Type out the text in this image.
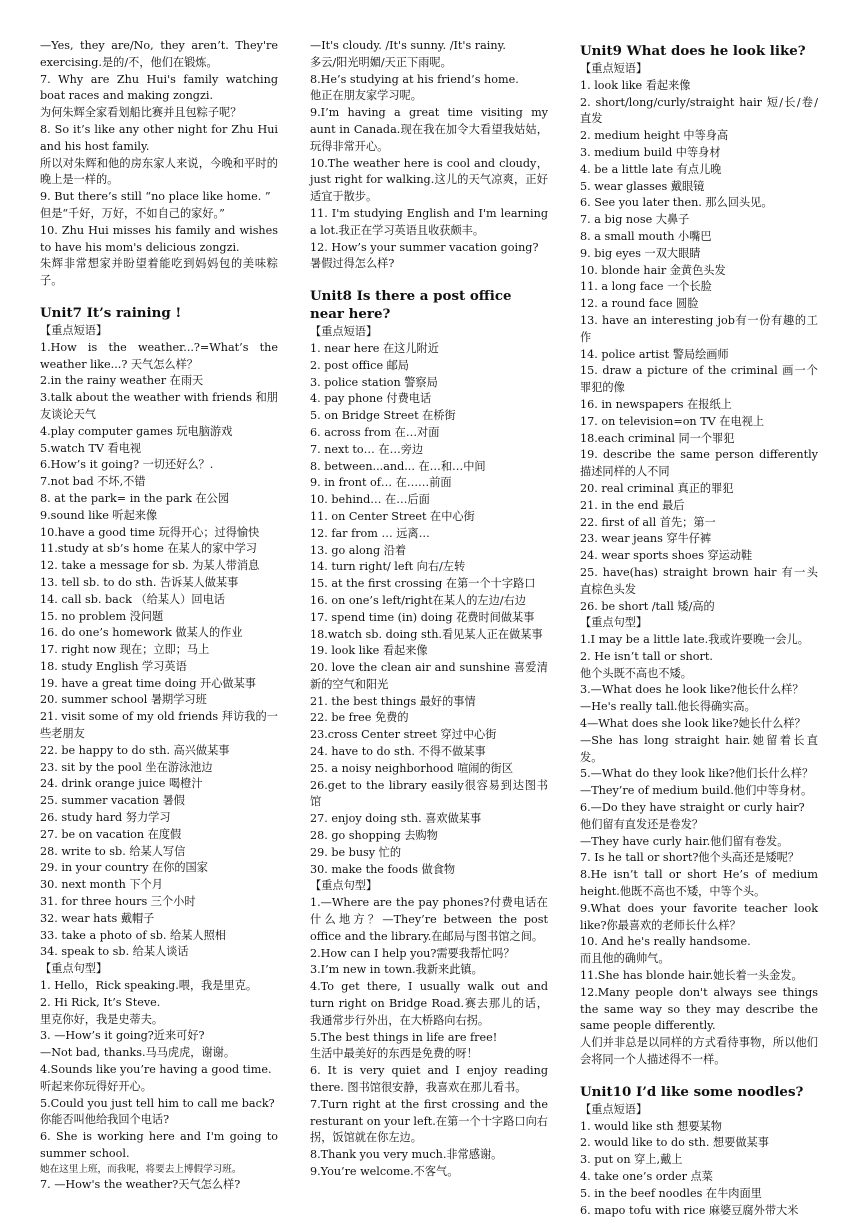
—Yes, they are/No, they aren’t. They're exercising.是的/不，他们在锻炼。

7. Why are Zhu Hui's family watching boat races and making zongzi.

为何朱辉全家看划船比赛并且包粽子呢？

8. So it’s like any other night for Zhu Hui and his host family.

所以对朱辉和他的房东家人来说，今晚和平时的晚上是一样的。

9. But there’s still “no place like home. ”

但是“千好，万好，不如自己的家好。”

10. Zhu Hui misses his family and wishes to have his mom's delicious zongzi.

朱辉非常想家并盼望着能吃到妈妈包的美味粽子。

Unit7 It’s raining !

【重点短语】

1.How is the weather...?=What’s the weather like...? 天气怎么样？

2.in the rainy weather 在雨天

3.talk about the weather with friends 和朋友谈论天气

4.play computer games 玩电脑游戏

5.watch TV 看电视

6.How’s it going? 一切还好么？.

7.not bad 不坏,不错

8. at the park= in the park 在公园

9.sound like 听起来像

10.have a good time 玩得开心；过得愉快

11.study at sb’s home 在某人的家中学习

12. take a message for sb. 为某人带消息

13. tell sb. to do sth. 告诉某人做某事

14. call sb. back （给某人）回电话

15. no problem 没问题

16. do one’s homework 做某人的作业

17. right now 现在；立即；马上

18. study English 学习英语

19. have a great time doing 开心做某事

20. summer school 暑期学习班

21. visit some of my old friends 拜访我的一些老朋友

22. be happy to do sth. 高兴做某事

23. sit by the pool 坐在游泳池边

24. drink orange juice 喝橙汁

25. summer vacation 暑假

26. study hard 努力学习

27. be on vacation 在度假

28. write to sb. 给某人写信

29. in your country 在你的国家

30. next month 下个月

31. for three hours 三个小时

32. wear hats 戴帽子

33. take a photo of sb. 给某人照相

34. speak to sb. 给某人谈话

【重点句型】

1. Hello，Rick speaking.喂，我是里克。

2. Hi Rick, It’s Steve.

里克你好，我是史蒂夫。

3. —How’s it going?近来可好?

—Not bad, thanks.马马虎虎，谢谢。

4.Sounds like you’re having a good time.

听起来你玩得好开心。

5.Could you just tell him to call me back?

你能否叫他给我回个电话?

6. She is working here and I'm going to summer school.

她在这里上班，而我呢，将要去上博假学习班。

7. —How's the weather?天气怎么样?

—It's cloudy. /It's sunny. /It's rainy.

多云/阳光明媚/天正下雨呢。

8.He’s studying at his friend’s home.

他正在朋友家学习呢。

9.I’m having a great time visiting my aunt in Canada.现在我在加令大看望我姑姑，玩得非常开心。

10.The weather here is cool and cloudy，just right for walking.这儿的天气凉爽，正好适宜于散步。

11. I'm studying English and I'm learning a lot.我正在学习英语且收获颇丰。

12. How’s your summer vacation going?

暑假过得怎么样?

Unit8 Is there a post office near here?

【重点短语】

1. near here 在这儿附近

2. post office 邮局

3. police station 警察局

4. pay phone 付费电话

5. on Bridge Street 在桥街

6. across from 在…对面

7. next to… 在…旁边

8. between...and... 在…和…中间

9. in front of… 在……前面

10. behind… 在…后面

11. on Center Street 在中心街

12. far from … 远离…

13. go along 沿着

14. turn right/ left 向右/左转

15. at the first crossing 在第一个十字路口

16. on one’s left/right在某人的左边/右边

17. spend time (in) doing 花费时间做某事

18.watch sb. doing sth.看见某人正在做某事

19. look like 看起来像

20. love the clean air and sunshine 喜爱清新的空气和阳光

21. the best things 最好的事情

22. be free 免费的

23.cross Center street 穿过中心街

24. have to do sth. 不得不做某事

25. a noisy neighborhood 喧闹的街区

26.get to the library easily很容易到达图书馆

27. enjoy doing sth. 喜欢做某事

28. go shopping 去购物

29. be busy 忙的

30. make the foods 做食物

【重点句型】

1.—Where are the pay phones?付费电话在什么地方？—They’re between the post office and the library.在邮局与图书馆之间。

2.How can I help you?需要我帮忙吗？

3.I’m new in town.我新来此镇。

4.To get there, I usually walk out and turn right on Bridge Road.赛去那儿的话，我通常步行外出，在大桥路向右拐。

5.The best things in life are free!

生活中最美好的东西是免费的呀！

6. It is very quiet and I enjoy reading there. 图书馆很安静，我喜欢在那儿看书。

7.Turn right at the first crossing and the resturant on your left.在第一个十字路口向右拐，饭馆就在你左边。

8.Thank you very much.非常感谢。

9.You’re welcome.不客气。

Unit9 What does he look like?

【重点短语】

1. look like 看起来像

2. short/long/curly/straight hair 短/长/卷/直发

2. medium height 中等身高

3. medium build 中等身材

4. be a little late 有点儿晚

5. wear glasses 戴眼镜

6. See you later then. 那么回头见。

7. a big nose 大鼻子

8. a small mouth 小嘴巴

9. big eyes 一双大眼睛

10. blonde hair 金黄色头发

11. a long face 一个长脸

12. a round face 圆脸

13. have an interesting job有一份有趣的工作

14. police artist 警局绘画师

15. draw a picture of the criminal 画一个罪犯的像

16. in newspapers 在报纸上

17. on television=on TV 在电视上

18.each criminal 同一个罪犯

19. describe the same person differently 描述同样的人不同

20. real criminal 真正的罪犯

21. in the end 最后

22. first of all 首先；第一

23. wear jeans 穿牛仔裤

24. wear sports shoes 穿运动鞋

25. have(has) straight brown hair 有一头直棕色头发

26. be short /tall 矮/高的

【重点句型】

1.I may be a little late.我或许要晚一会儿。

2. He isn’t tall or short.

他个头既不高也不矮。

3.—What does he look like?他长什么样？

—He's really tall.他长得确实高。

4—What does she look like?她长什么样？

—She has long straight hair.她留着长直发。

5.—What do they look like?他们长什么样？

—They’re of medium build.他们中等身材。

6.—Do they have straight or curly hair?

他们留有直发还是卷发？

—They have curly hair.他们留有卷发。

7. Is he tall or short?他个头高还是矮呢？

8.He isn’t tall or short He’s of medium height.他既不高也不矮，中等个头。

9.What does your favorite teacher look like?你最喜欢的老师长什么样？

10. And he's really handsome.

而且他的确帅气。

11.She has blonde hair.她长着一头金发。

12.Many people don't always see things the same way so they may describe the same people differently.

人们并非总是以同样的方式看待事物，所以他们会将同一个人描述得不一样。

Unit10 I’d like some noodles?

【重点短语】

1. would like sth 想要某物

2. would like to do sth. 想要做某事

3. put on 穿上,戴上

4. take one’s order 点菜

5. in the beef noodles 在牛肉面里

6. mapo tofu with rice 麻婆豆腐外带大米
